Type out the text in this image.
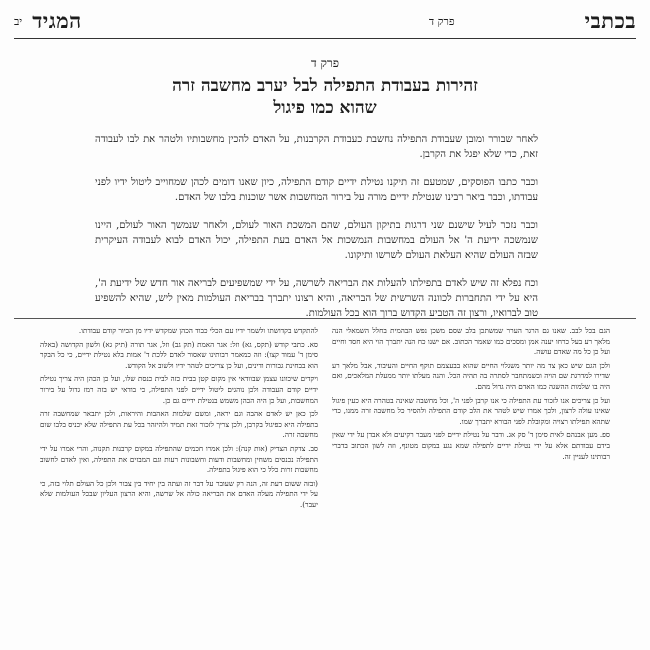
בכתבי
פרק ד
המגיד
יב
פרק ד
זהירות בעבודת התפילה לבל יערב מחשבה זרה
שהוא כמו פיגול

לאחר שבורר ומובן שעבודת התפילה נחשבת כעבודת הקרבנות, על האדם להכין מחשבותיו ולטהר את לבו לעבודה זאת, כדי שלא יפגל את הקרבן.

וכבר כתבו הפוסקים, שמטעם זה תיקנו נטילת ידיים קודם התפילה, כיון שאנו דומים לכהן שמחוייב ליטול ידיו לפני עבודתו, וכבר ביאר רבינו שנטילת ידיים מורה על בירור המחשבות אשר שוכנות בלבו של האדם.

וכבר נזכר לעיל שישנם שני דרגות בתיקון העולם, שהם המשכת האור לעולם, ולאחר שנמשך האור לעולם, היינו שנמשכה ידיעת ה' אל העולם במחשבות הנמשכות אל האדם בעת התפילה, יכול האדם לבוא לעבודה העיקרית שבזה העולם שהיא העלאת העולם לשרשו ותיקונו.

וכח נפלא זה שיש לאדם בתפילתו להעלות את הבריאה לשרשה, על ידי שמשפיעים לבריאה אור חדש של ידיעת ה', היא על ידי התחברות לכוונה השרשית של הבריאה, והיא רצונו יתברך בבריאת העולמות מאין ליש, שהיא להשפיע טוב לברואיו, ורצון זה הטביע הקדוש ברוך הוא בכל העולמות.

הגם בכל לבב. שאנו גם הרגר הערר שמשתכן בלב שסם משכן נפש הבהמית בחלל השמאלי הנה מלאך רע בעל כרחו יענה אמן ומסכים כמו שאמר הכתוב. אם ישנו כח הנה יתברך הוי היא חסד וחיים ועל כן כל מה שאדם עושה.

ולכן הגם שיש כאן צד מה יותר משגלוי החיים שהוא בבעצמם תוקף החיים והעיבוד, אבל מלאך רע שדירו למדרגת שם הויה וכשמתחבר לסתרה בה תהיה הכל. והנה מעלתו יותר ממעלת המלאכים, ואם היה בו שלמות ההשגה כמו האדם היה גדול מהם.

ועל כן צריכים אנו לזכור עת התפילה כי אנו קרבן לפני ה', וכל מחשבה שאינה בטהרה היא כעין פיגול שאינו עולה לרצון, ולכך אמרו שיש לטהר את הלב קודם התפילה ולהסיר כל מחשבה זרה ממנו, כדי שתהא תפילתו רצויה ומקובלת לפני הבורא יתברך שמו.

ספ. מען אבנהם לאית סימן ד' סק אג. ודבר על נטילת ידיים לפני מעבר רקיעים ולא אבדן על ידי שאין בידם עבודתם אלא על ידי נטילת ידיים לתפילה שמא נגע במקום מטונף, וזה לשון הכתוב בדברי רבותינו לעניין זה.

להתקדש בקדושתו ולשמר ידיו עם הכלי כבוד הכהן שמקדש ידיו מן הכיור קודם עבודתו.

סא. כתבי קודש (תקס, גא) וזל: אגר האמת (תק גב) וזל, אגר תורה (תיק גא) ולשון הקדושה (באלה סימן ד' עמוד קצו): וזה כמאמר רבותינו שאסור לאדם ללכת ד' אמות בלא נטילת ידיים, כי כל הבקר הוא בבחינת גבורות ודינים, ועל כן צריכים לטהר ידיו ולשוב אל הקודש.

ויקדים שיכוונו עצמן שבוודאי אין מקום קטן בבית כזה לבית כנסת שלו, ועל כן הכהן היה צריך נטילת ידיים קודם העבודה ולכן נוהגים ליטול ידיים לפני התפילה, כי בודאי יש בזה רמז גדול על בירור המחשבות, ועל כן היה הכהן משמש בנטילת ידיים גם כן.

לכן כאן יש לאדם אהבה וגם יראה, ומשם שלמות האהבות והיראות, ולכן יתבאר שמחשבה זרה בתפילה היא כפיגול בקרבן, ולכן צריך לזכור זאת תמיד ולהיזהר בכל עת התפילה שלא יכניס בלבו שום מחשבה זרה.

סב. צדקת הצדיק (אות קנה): ולכן אמרו חכמים שהתפילה במקום קרבנות תקנוה, והרי אמרו על ידי התפילה נכנסים משחין ומחשבות ודעות וחשבונות רעות וגם המבזים את התפילה, ואין לאדם לחשוב מחשבות זרות כלל כי הוא פיגול בתפילה.

(ובזה ששום דעת זה, הנה רק שעובר על דבר זה ועתה בין יחיד בין צבור ולכן כל העולם תלוי בזה, כי על ידי התפילה מעלה האדם את הבריאה כולה אל שרשה, והיא הרצון העליון שבכל העולמות שלא יעבר).
